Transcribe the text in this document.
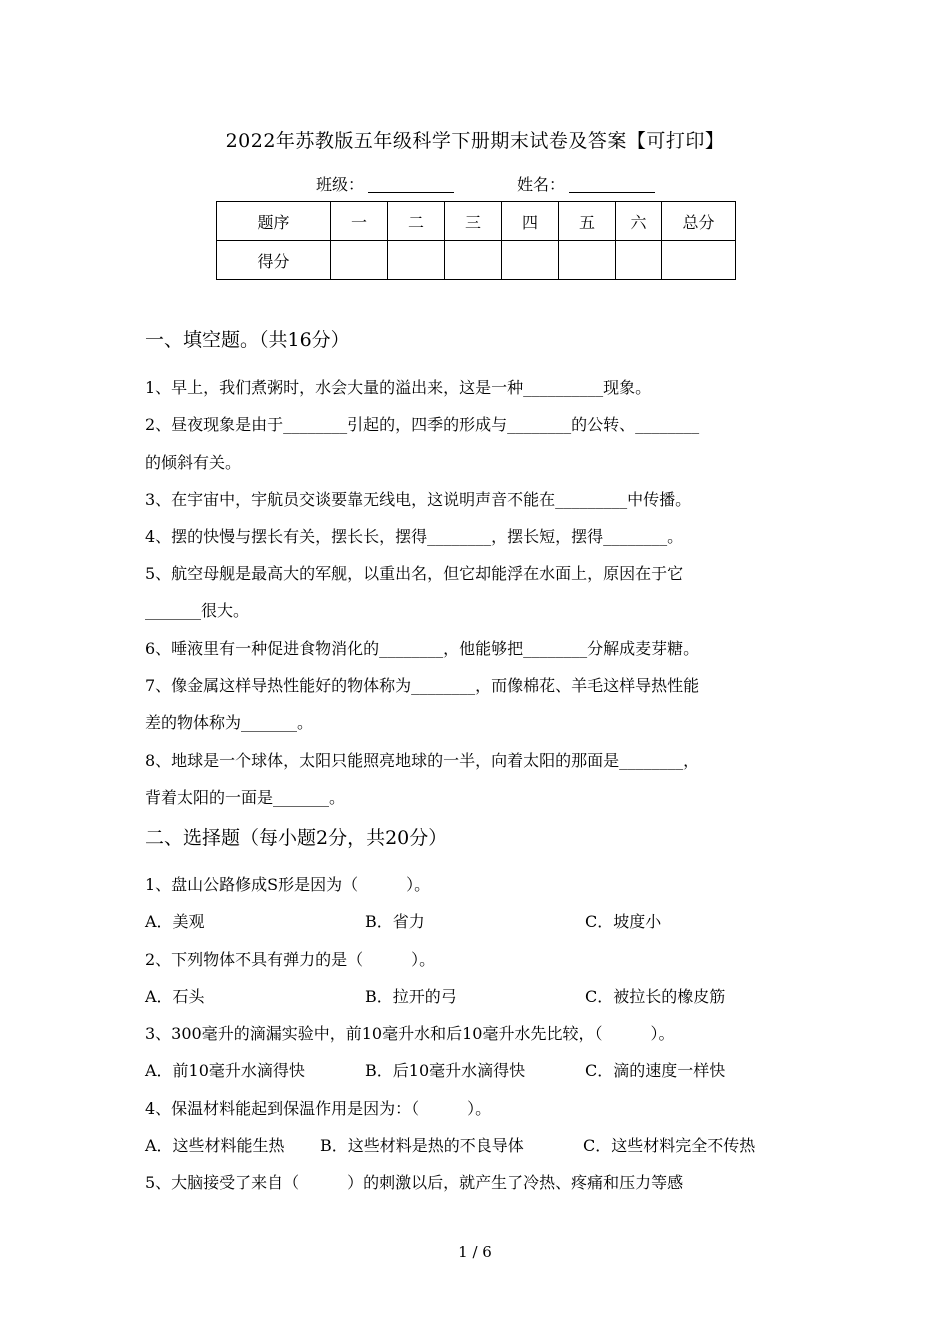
2022年苏教版五年级科学下册期末试卷及答案【可打印】
班级：	姓名：
题序	一	二	三	四	五	六	总分
得分							
一、填空题。（共16分）
1、早上，我们煮粥时，水会大量的溢出来，这是一种__________现象。
2、昼夜现象是由于________引起的，四季的形成与________的公转、________
的倾斜有关。
3、在宇宙中，宇航员交谈要靠无线电，这说明声音不能在_________中传播。
4、摆的快慢与摆长有关，摆长长，摆得________，摆长短，摆得________。
5、航空母舰是最高大的军舰，以重出名，但它却能浮在水面上，原因在于它
_______很大。
6、唾液里有一种促进食物消化的________，他能够把________分解成麦芽糖。
7、像金属这样导热性能好的物体称为________，而像棉花、羊毛这样导热性能
差的物体称为_______。
8、地球是一个球体，太阳只能照亮地球的一半，向着太阳的那面是________，
背着太阳的一面是_______。
二、选择题（每小题2分，共20分）
1、盘山公路修成S形是因为（　　　）。
A．美观	B．省力	C．坡度小
2、下列物体不具有弹力的是（　　　）。
A．石头	B．拉开的弓	C．被拉长的橡皮筋
3、300毫升的滴漏实验中，前10毫升水和后10毫升水先比较，（　　　）。
A．前10毫升水滴得快	B．后10毫升水滴得快	C．滴的速度一样快
4、保温材料能起到保温作用是因为：（　　　）。
A．这些材料能生热 B．这些材料是热的不良导体	C．这些材料完全不传热
5、大脑接受了来自（　　　）的刺激以后，就产生了冷热、疼痛和压力等感
1 / 6
